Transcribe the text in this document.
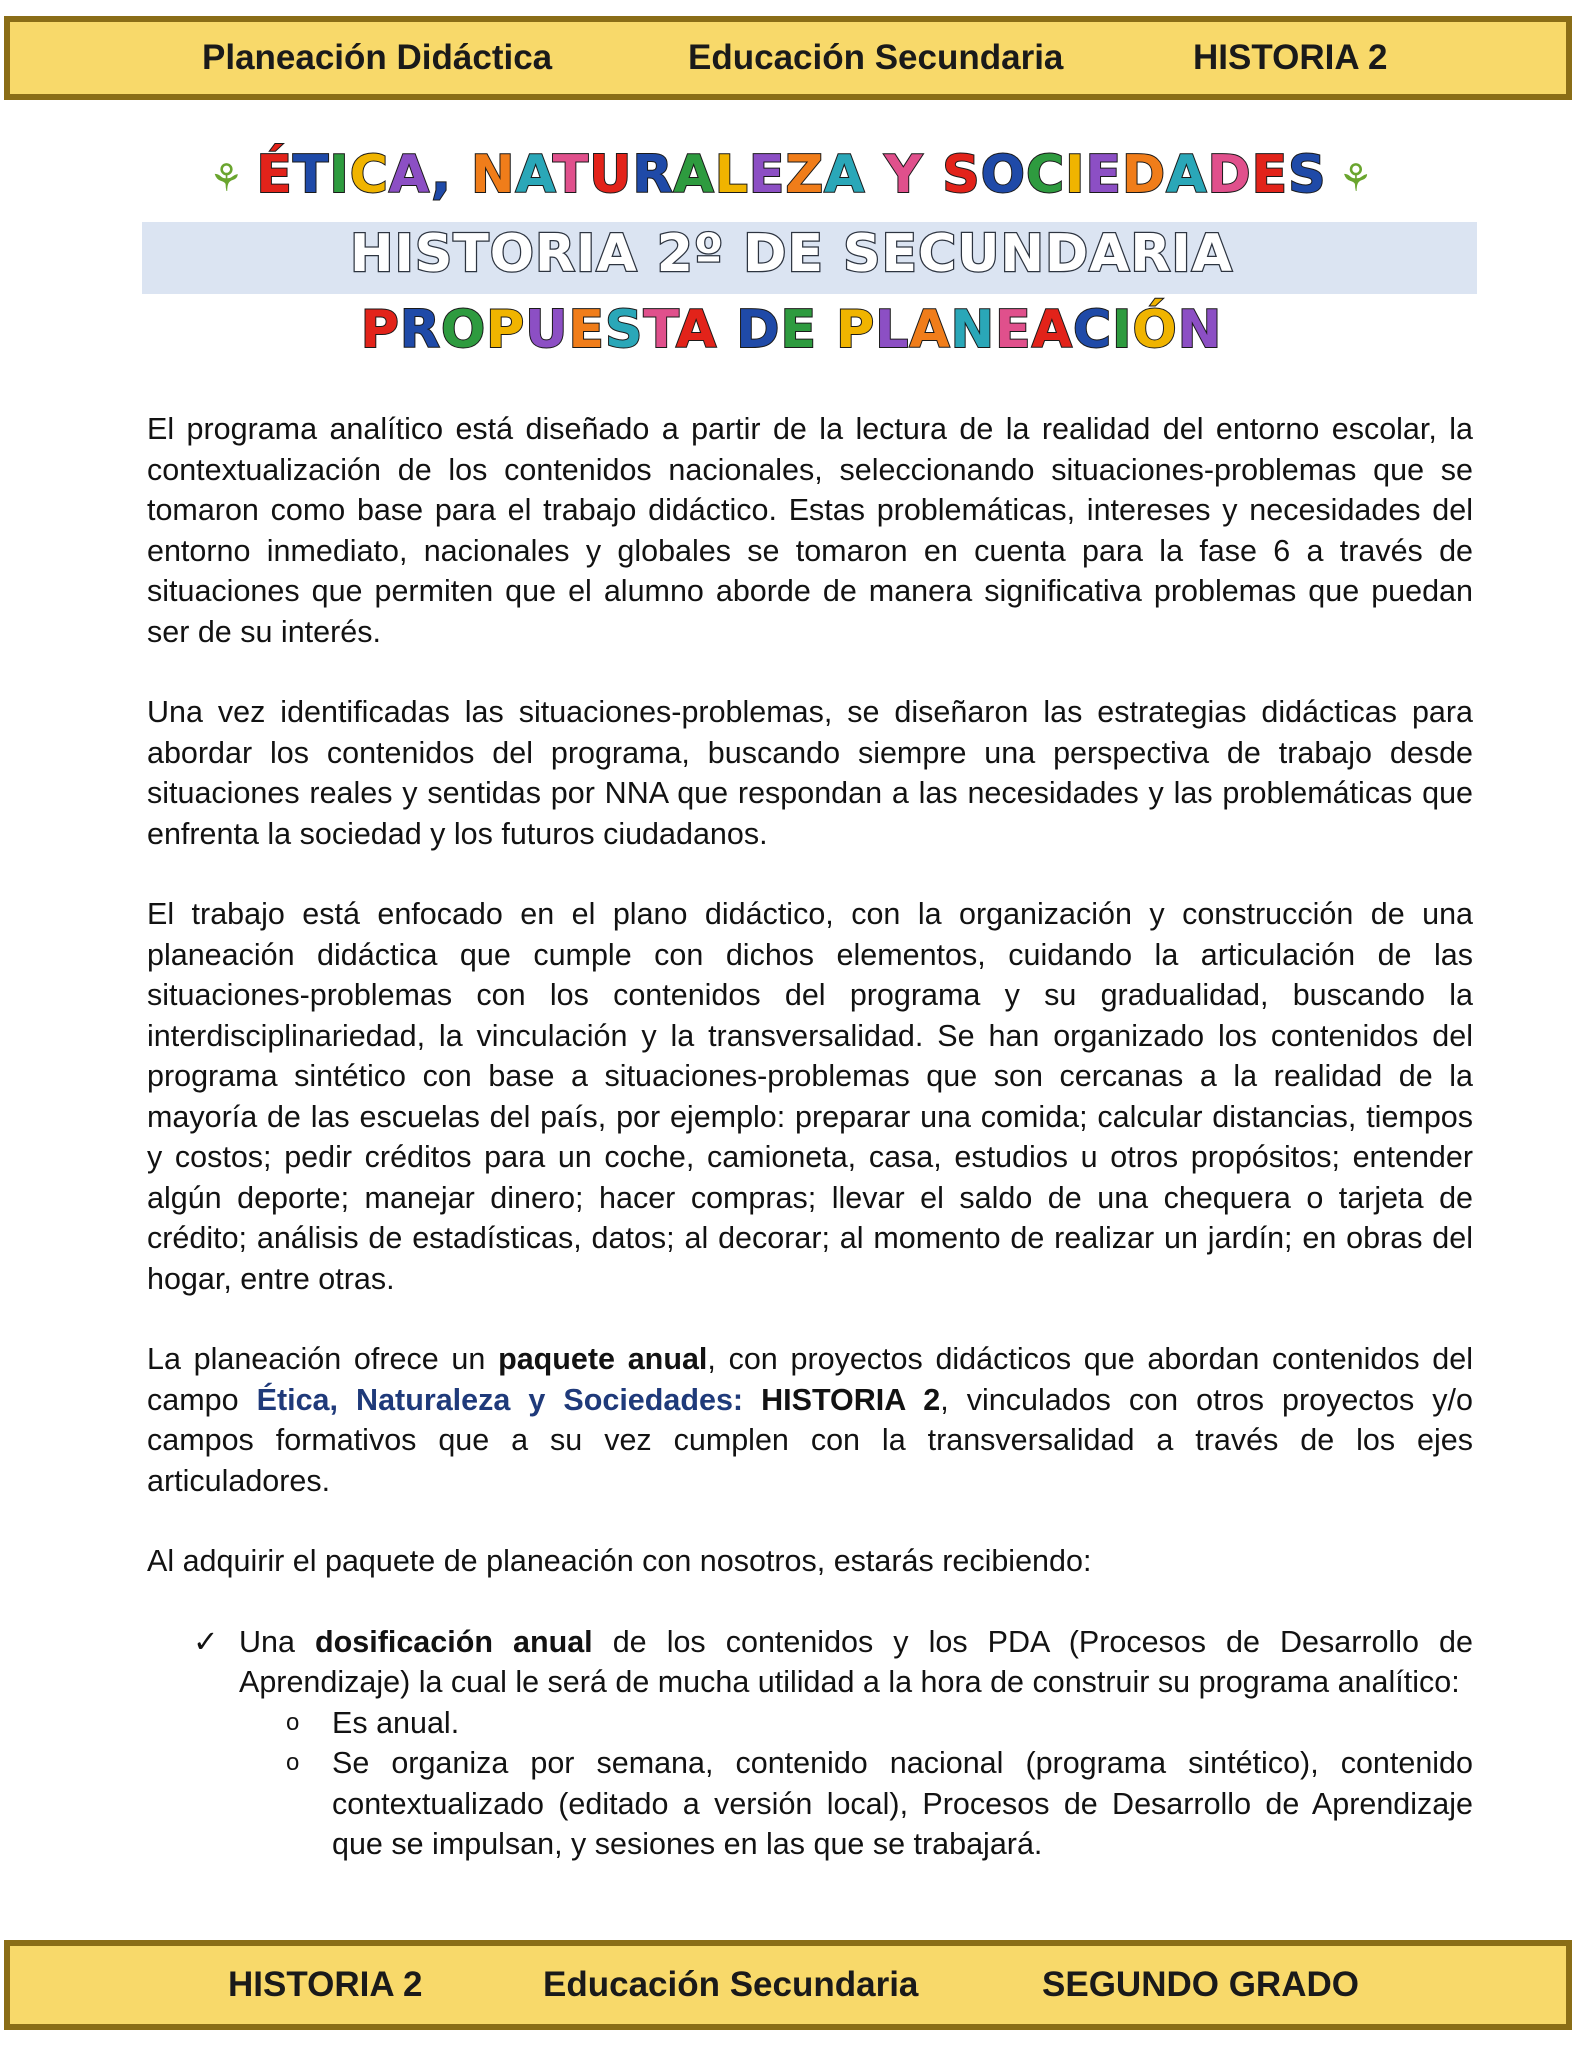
Planeación Didáctica	Educación Secundaria	HISTORIA 2
⚘ ÉTICA, NATURALEZA Y SOCIEDADES ⚘
HISTORIA 2º DE SECUNDARIA
PROPUESTA DE PLANEACIÓN

El programa analítico está diseñado a partir de la lectura de la realidad del entorno escolar, la contextualización de los contenidos nacionales, seleccionando situaciones-problemas que se tomaron como base para el trabajo didáctico. Estas problemáticas, intereses y necesidades del entorno inmediato, nacionales y globales se tomaron en cuenta para la fase 6 a través de situaciones que permiten que el alumno aborde de manera significativa problemas que puedan ser de su interés.

Una vez identificadas las situaciones-problemas, se diseñaron las estrategias didácticas para abordar los contenidos del programa, buscando siempre una perspectiva de trabajo desde situaciones reales y sentidas por NNA que respondan a las necesidades y las problemáticas que enfrenta la sociedad y los futuros ciudadanos.

El trabajo está enfocado en el plano didáctico, con la organización y construcción de una planeación didáctica que cumple con dichos elementos, cuidando la articulación de las situaciones-problemas con los contenidos del programa y su gradualidad, buscando la interdisciplinariedad, la vinculación y la transversalidad. Se han organizado los contenidos del programa sintético con base a situaciones-problemas que son cercanas a la realidad de la mayoría de las escuelas del país, por ejemplo: preparar una comida; calcular distancias, tiempos y costos; pedir créditos para un coche, camioneta, casa, estudios u otros propósitos; entender algún deporte; manejar dinero; hacer compras; llevar el saldo de una chequera o tarjeta de crédito; análisis de estadísticas, datos; al decorar; al momento de realizar un jardín; en obras del hogar, entre otras.

La planeación ofrece un paquete anual, con proyectos didácticos que abordan contenidos del campo Ética, Naturaleza y Sociedades: HISTORIA 2, vinculados con otros proyectos y/o campos formativos que a su vez cumplen con la transversalidad a través de los ejes articuladores.

Al adquirir el paquete de planeación con nosotros, estarás recibiendo:

✓ Una dosificación anual de los contenidos y los PDA (Procesos de Desarrollo de Aprendizaje) la cual le será de mucha utilidad a la hora de construir su programa analítico:
o Es anual.
o Se organiza por semana, contenido nacional (programa sintético), contenido contextualizado (editado a versión local), Procesos de Desarrollo de Aprendizaje que se impulsan, y sesiones en las que se trabajará.
HISTORIA 2	Educación Secundaria	SEGUNDO GRADO
